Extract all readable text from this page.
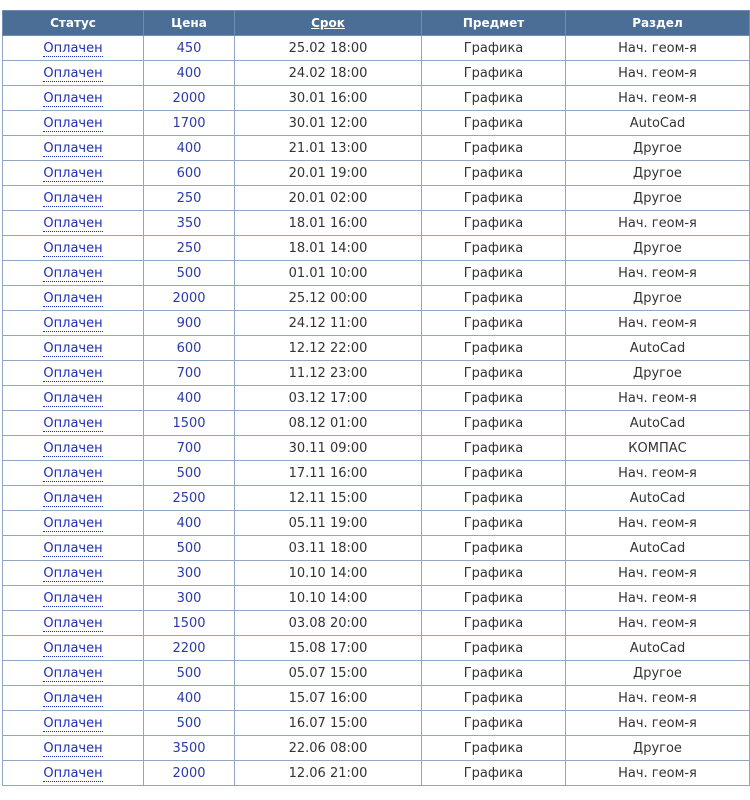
Статус	Цена	Срок	Предмет	Раздел
Оплачен	450	25.02 18:00	Графика	Нач. геом-я
Оплачен	400	24.02 18:00	Графика	Нач. геом-я
Оплачен	2000	30.01 16:00	Графика	Нач. геом-я
Оплачен	1700	30.01 12:00	Графика	AutoCad
Оплачен	400	21.01 13:00	Графика	Другое
Оплачен	600	20.01 19:00	Графика	Другое
Оплачен	250	20.01 02:00	Графика	Другое
Оплачен	350	18.01 16:00	Графика	Нач. геом-я
Оплачен	250	18.01 14:00	Графика	Другое
Оплачен	500	01.01 10:00	Графика	Нач. геом-я
Оплачен	2000	25.12 00:00	Графика	Другое
Оплачен	900	24.12 11:00	Графика	Нач. геом-я
Оплачен	600	12.12 22:00	Графика	AutoCad
Оплачен	700	11.12 23:00	Графика	Другое
Оплачен	400	03.12 17:00	Графика	Нач. геом-я
Оплачен	1500	08.12 01:00	Графика	AutoCad
Оплачен	700	30.11 09:00	Графика	КОМПАС
Оплачен	500	17.11 16:00	Графика	Нач. геом-я
Оплачен	2500	12.11 15:00	Графика	AutoCad
Оплачен	400	05.11 19:00	Графика	Нач. геом-я
Оплачен	500	03.11 18:00	Графика	AutoCad
Оплачен	300	10.10 14:00	Графика	Нач. геом-я
Оплачен	300	10.10 14:00	Графика	Нач. геом-я
Оплачен	1500	03.08 20:00	Графика	Нач. геом-я
Оплачен	2200	15.08 17:00	Графика	AutoCad
Оплачен	500	05.07 15:00	Графика	Другое
Оплачен	400	15.07 16:00	Графика	Нач. геом-я
Оплачен	500	16.07 15:00	Графика	Нач. геом-я
Оплачен	3500	22.06 08:00	Графика	Другое
Оплачен	2000	12.06 21:00	Графика	Нач. геом-я
